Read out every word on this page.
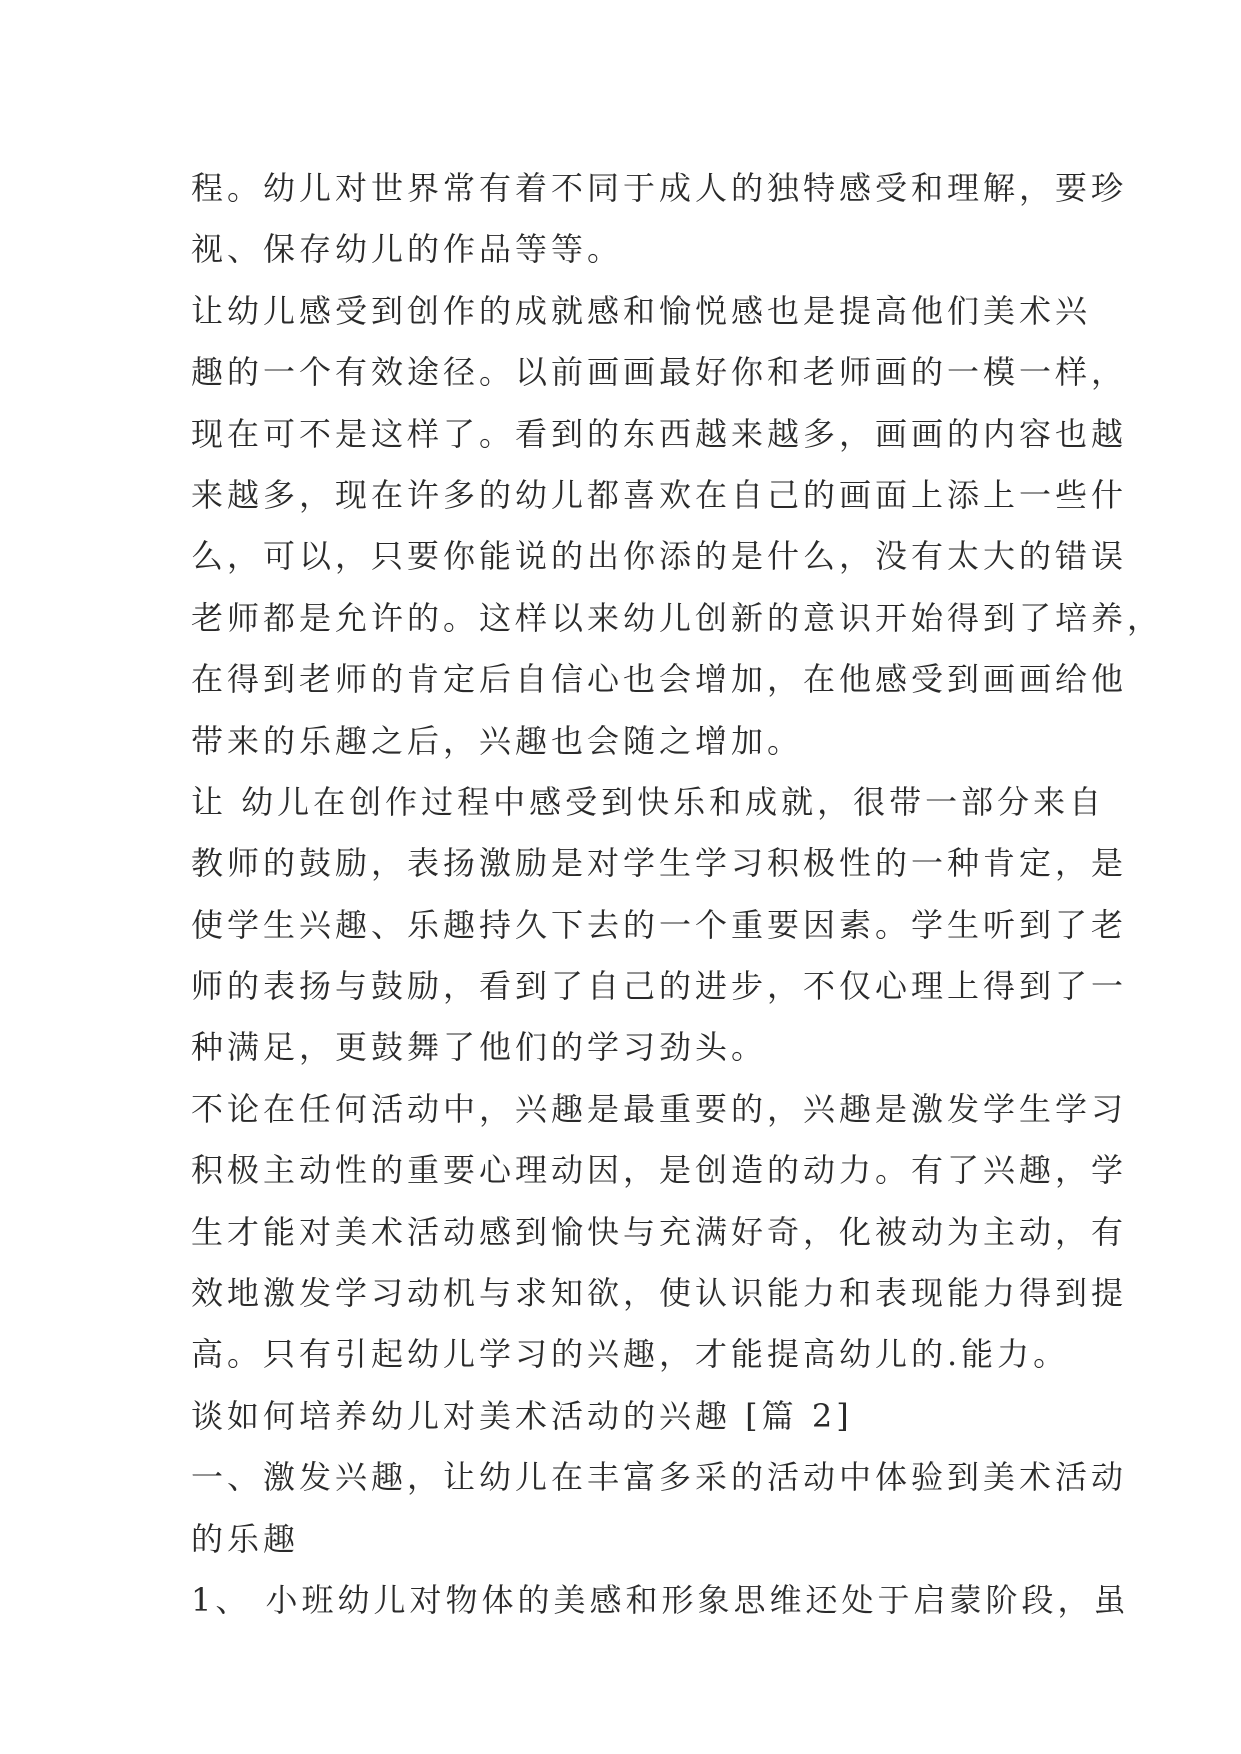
程。幼儿对世界常有着不同于成人的独特感受和理解，要珍
视、保存幼儿的作品等等。
让幼儿感受到创作的成就感和愉悦感也是提高他们美术兴
趣的一个有效途径。以前画画最好你和老师画的一模一样，
现在可不是这样了。看到的东西越来越多，画画的内容也越
来越多，现在许多的幼儿都喜欢在自己的画面上添上一些什
么，可以，只要你能说的出你添的是什么，没有太大的错误
老师都是允许的。这样以来幼儿创新的意识开始得到了培养，
在得到老师的肯定后自信心也会增加，在他感受到画画给他
带来的乐趣之后，兴趣也会随之增加。
让 幼儿在创作过程中感受到快乐和成就，很带一部分来自
教师的鼓励，表扬激励是对学生学习积极性的一种肯定，是
使学生兴趣、乐趣持久下去的一个重要因素。学生听到了老
师的表扬与鼓励，看到了自己的进步，不仅心理上得到了一
种满足，更鼓舞了他们的学习劲头。
不论在任何活动中，兴趣是最重要的，兴趣是激发学生学习
积极主动性的重要心理动因，是创造的动力。有了兴趣，学
生才能对美术活动感到愉快与充满好奇，化被动为主动，有
效地激发学习动机与求知欲，使认识能力和表现能力得到提
高。只有引起幼儿学习的兴趣，才能提高幼儿的.能力。
谈如何培养幼儿对美术活动的兴趣 [篇 2]
一、激发兴趣，让幼儿在丰富多采的活动中体验到美术活动
的乐趣
1、 小班幼儿对物体的美感和形象思维还处于启蒙阶段，虽
